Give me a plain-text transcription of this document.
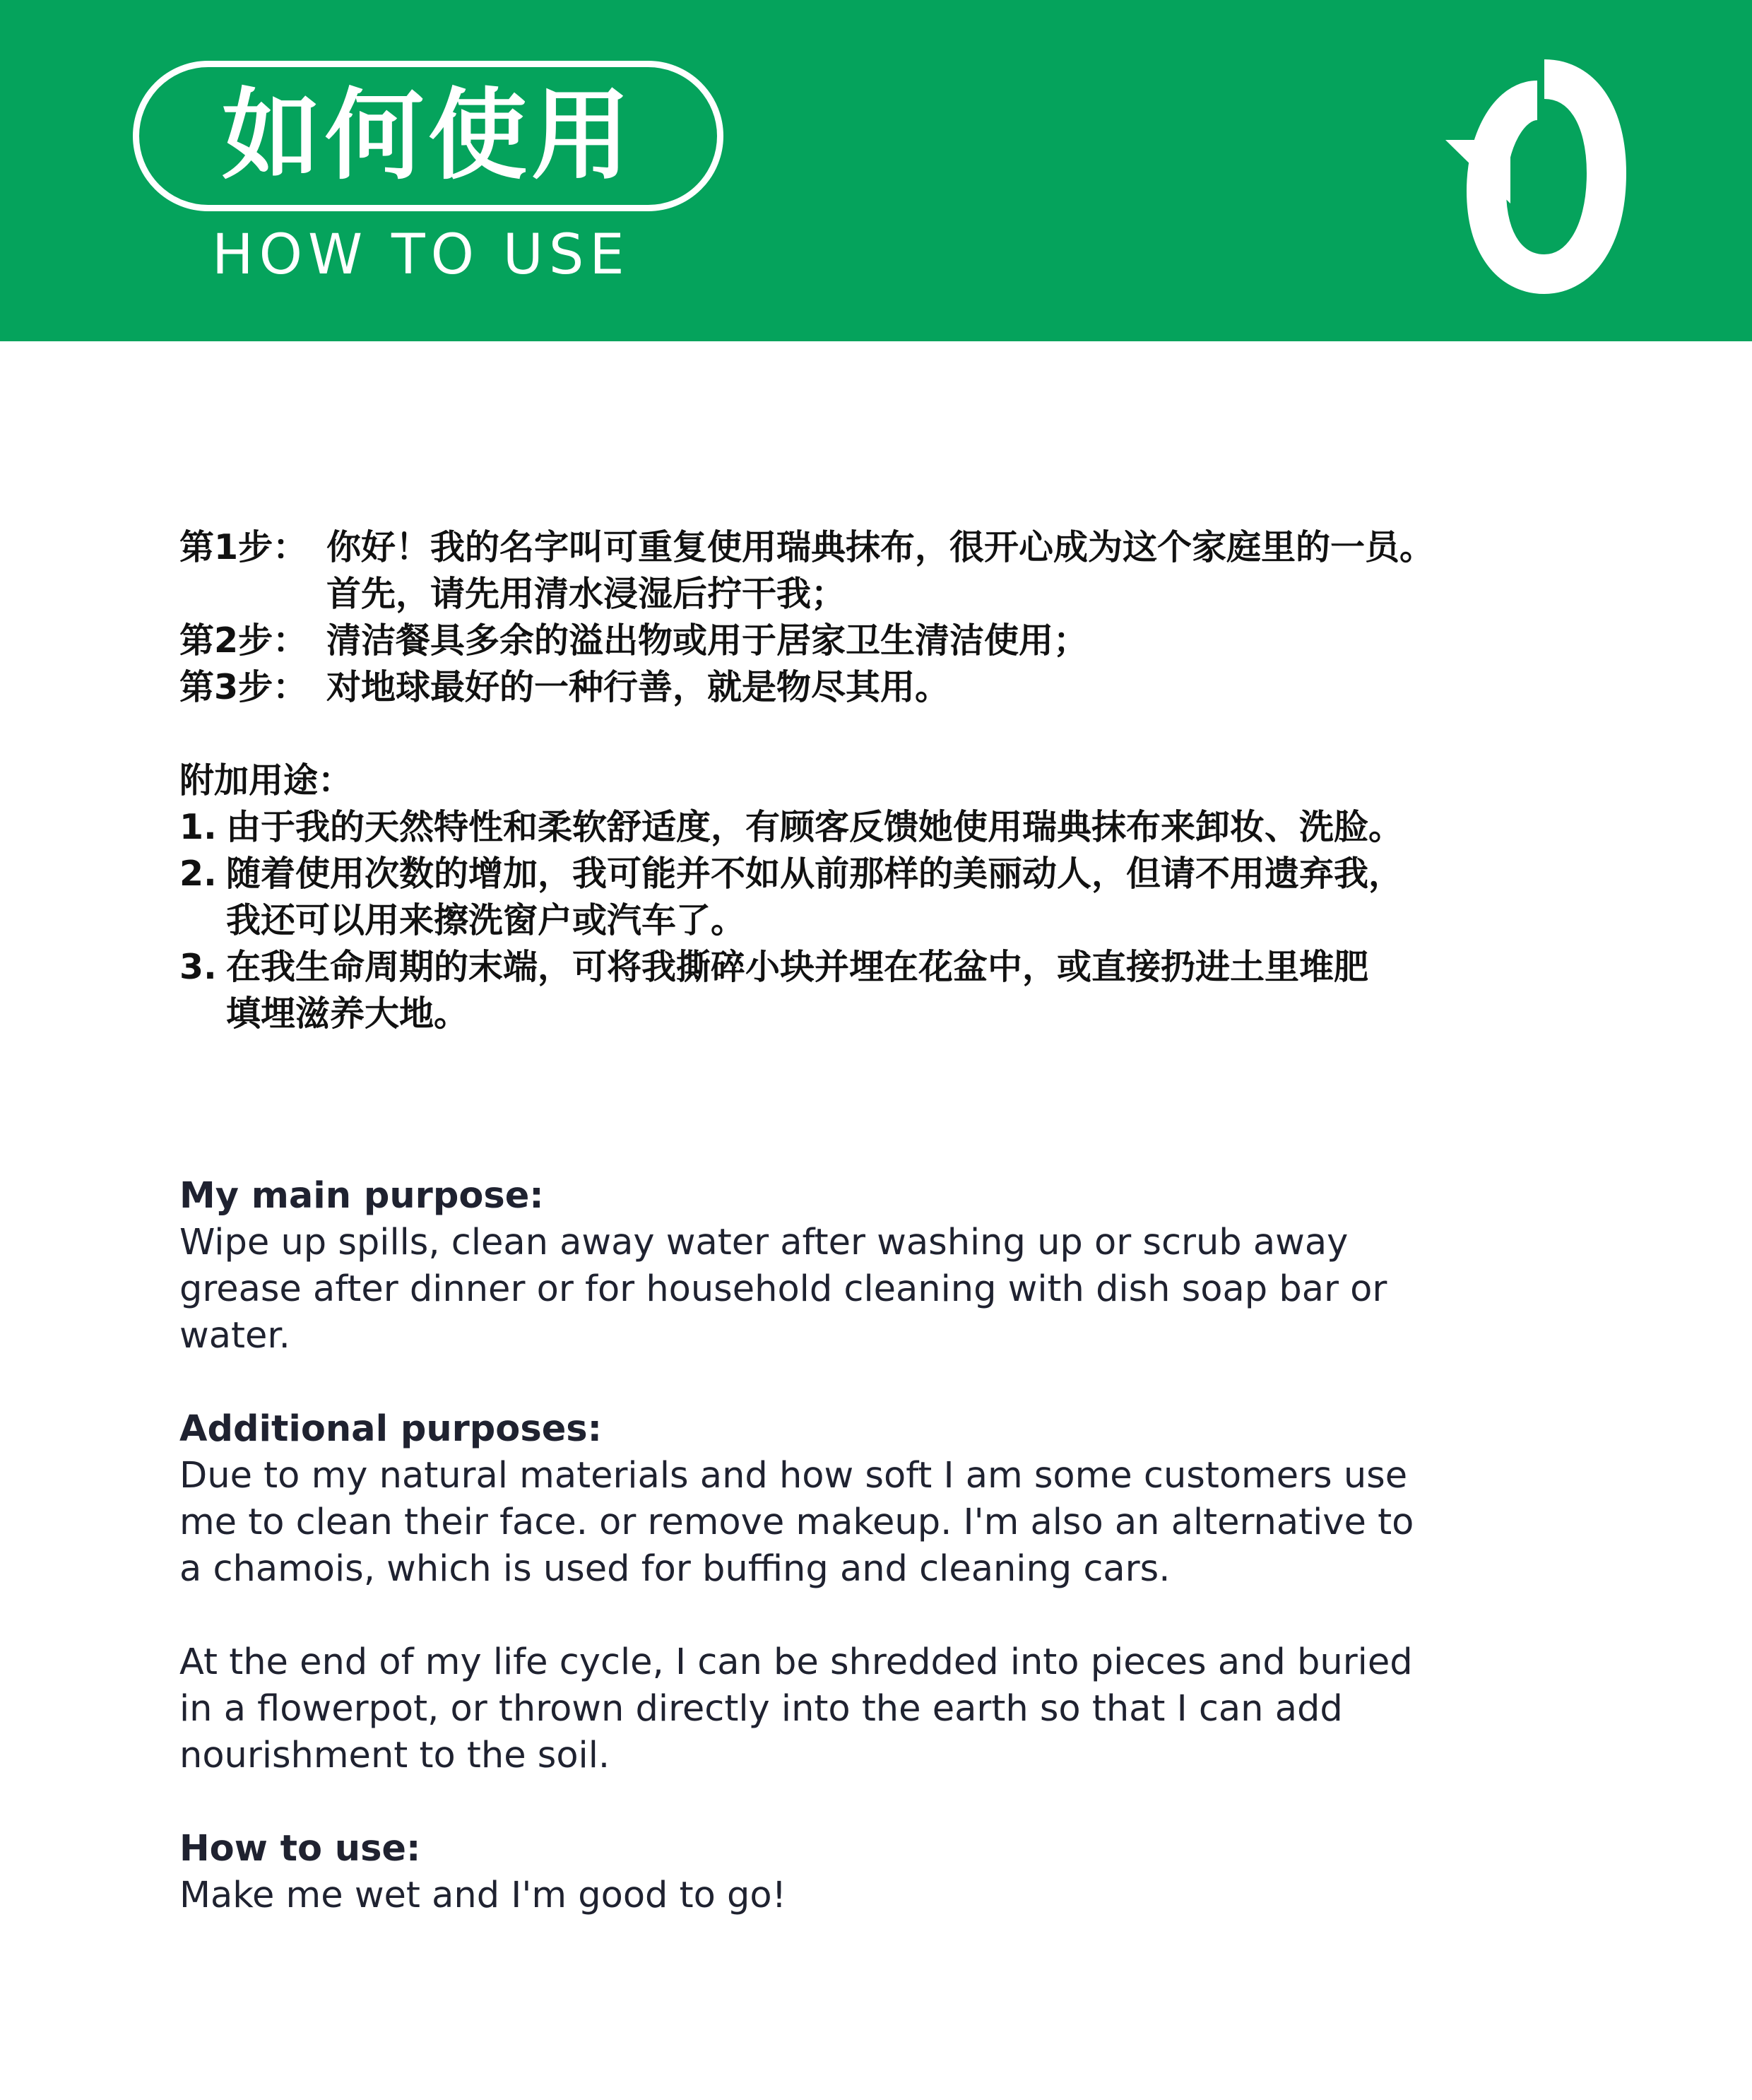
如何使用
HOW TO USE
第1步： 你好！我的名字叫可重复使用瑞典抹布，很开心成为这个家庭里的一员。
首先，请先用清水浸湿后拧干我；
第2步： 清洁餐具多余的溢出物或用于居家卫生清洁使用；
第3步： 对地球最好的一种行善，就是物尽其用。
附加用途：
1. 由于我的天然特性和柔软舒适度，有顾客反馈她使用瑞典抹布来卸妆、洗脸。
2. 随着使用次数的增加，我可能并不如从前那样的美丽动人，但请不用遗弃我，
我还可以用来擦洗窗户或汽车了。
3. 在我生命周期的末端，可将我撕碎小块并埋在花盆中，或直接扔进土里堆肥
填埋滋养大地。
My main purpose:
Wipe up spills, clean away water after washing up or scrub away
grease after dinner or for household cleaning with dish soap bar or
water.
Additional purposes:
Due to my natural materials and how soft I am some customers use
me to clean their face. or remove makeup. I'm also an alternative to
a chamois, which is used for buffing and cleaning cars.
At the end of my life cycle, I can be shredded into pieces and buried
in a flowerpot, or thrown directly into the earth so that I can add
nourishment to the soil.
How to use:
Make me wet and I'm good to go!
